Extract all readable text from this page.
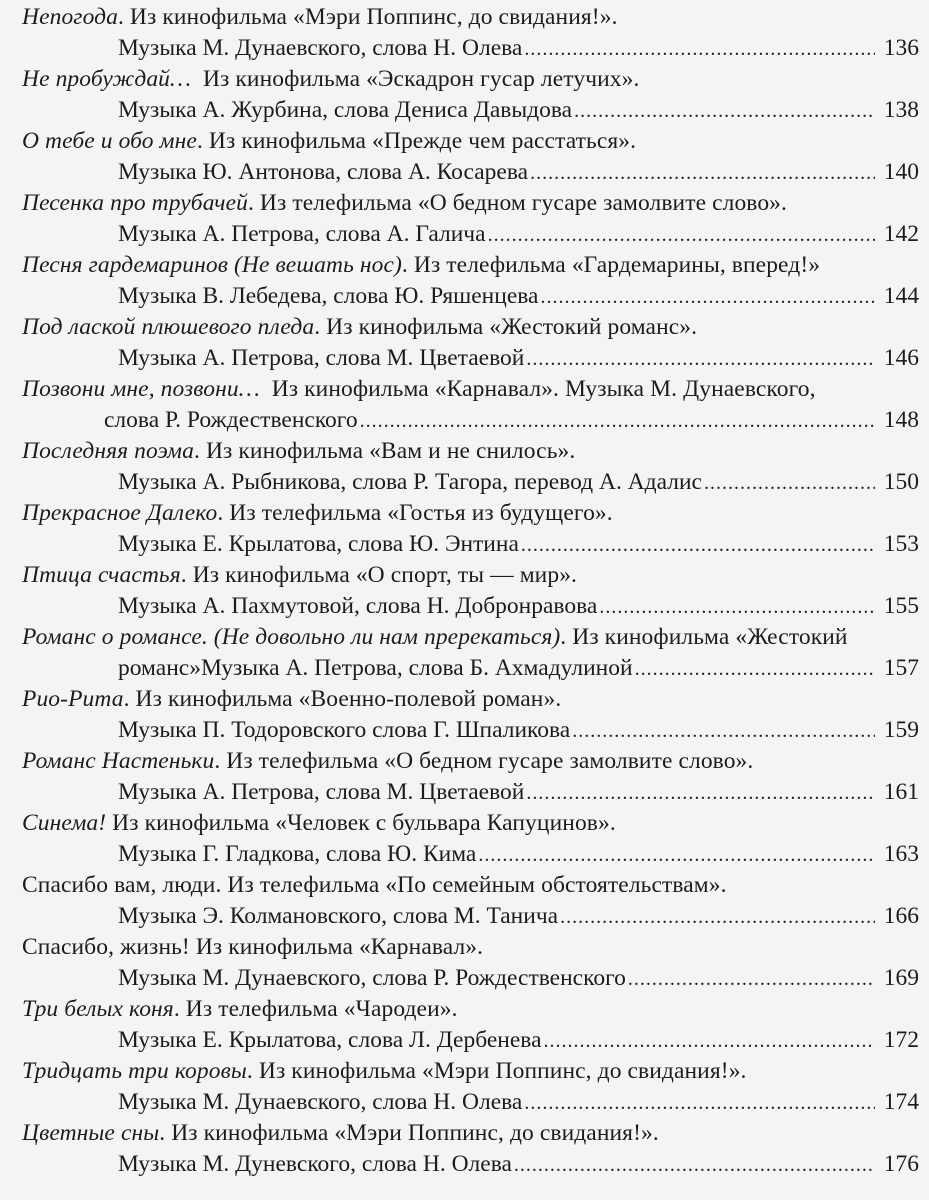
Непогода. Из кинофильма «Мэри Поппинс, до свидания!».
Музыка М. Дунаевского, слова Н. Олева .....	136
Не пробуждай…  Из кинофильма «Эскадрон гусар летучих».
Музыка А. Журбина, слова Дениса Давыдова .....	138
О тебе и обо мне. Из кинофильма «Прежде чем расстаться».
Музыка Ю. Антонова, слова А. Косарева .....	140
Песенка про трубачей. Из телефильма «О бедном гусаре замолвите слово».
Музыка А. Петрова, слова А. Галича .....	142
Песня гардемаринов (Не вешать нос). Из телефильма «Гардемарины, вперед!»
Музыка В. Лебедева, слова Ю. Ряшенцева .....	144
Под лаской плюшевого пледа. Из кинофильма «Жестокий романс».
Музыка А. Петрова, слова М. Цветаевой .....	146
Позвони мне, позвони…  Из кинофильма «Карнавал». Музыка М. Дунаевского,
слова Р. Рождественского .....	148
Последняя поэма. Из кинофильма «Вам и не снилось».
Музыка А. Рыбникова, слова Р. Тагора, перевод А. Адалис .....	150
Прекрасное Далеко. Из телефильма «Гостья из будущего».
Музыка Е. Крылатова, слова Ю. Энтина .....	153
Птица счастья. Из кинофильма «О спорт, ты — мир».
Музыка А. Пахмутовой, слова Н. Добронравова .....	155
Романс о романсе. (Не довольно ли нам пререкаться). Из кинофильма «Жестокий
романс»Музыка А. Петрова, слова Б. Ахмадулиной .....	157
Рио-Рита. Из кинофильма «Военно-полевой роман».
Музыка П. Тодоровского слова Г. Шпаликова .....	159
Романс Настеньки. Из телефильма «О бедном гусаре замолвите слово».
Музыка А. Петрова, слова М. Цветаевой .....	161
Синема! Из кинофильма «Человек с бульвара Капуцинов».
Музыка Г. Гладкова, слова Ю. Кима .....	163
Спасибо вам, люди. Из телефильма «По семейным обстоятельствам».
Музыка Э. Колмановского, слова М. Танича .....	166
Спасибо, жизнь! Из кинофильма «Карнавал».
Музыка М. Дунаевского, слова Р. Рождественского .....	169
Три белых коня. Из телефильма «Чародеи».
Музыка Е. Крылатова, слова Л. Дербенева .....	172
Тридцать три коровы. Из кинофильма «Мэри Поппинс, до свидания!».
Музыка М. Дунаевского, слова Н. Олева .....	174
Цветные сны. Из кинофильма «Мэри Поппинс, до свидания!».
Музыка М. Дуневского, слова Н. Олева .....	176
